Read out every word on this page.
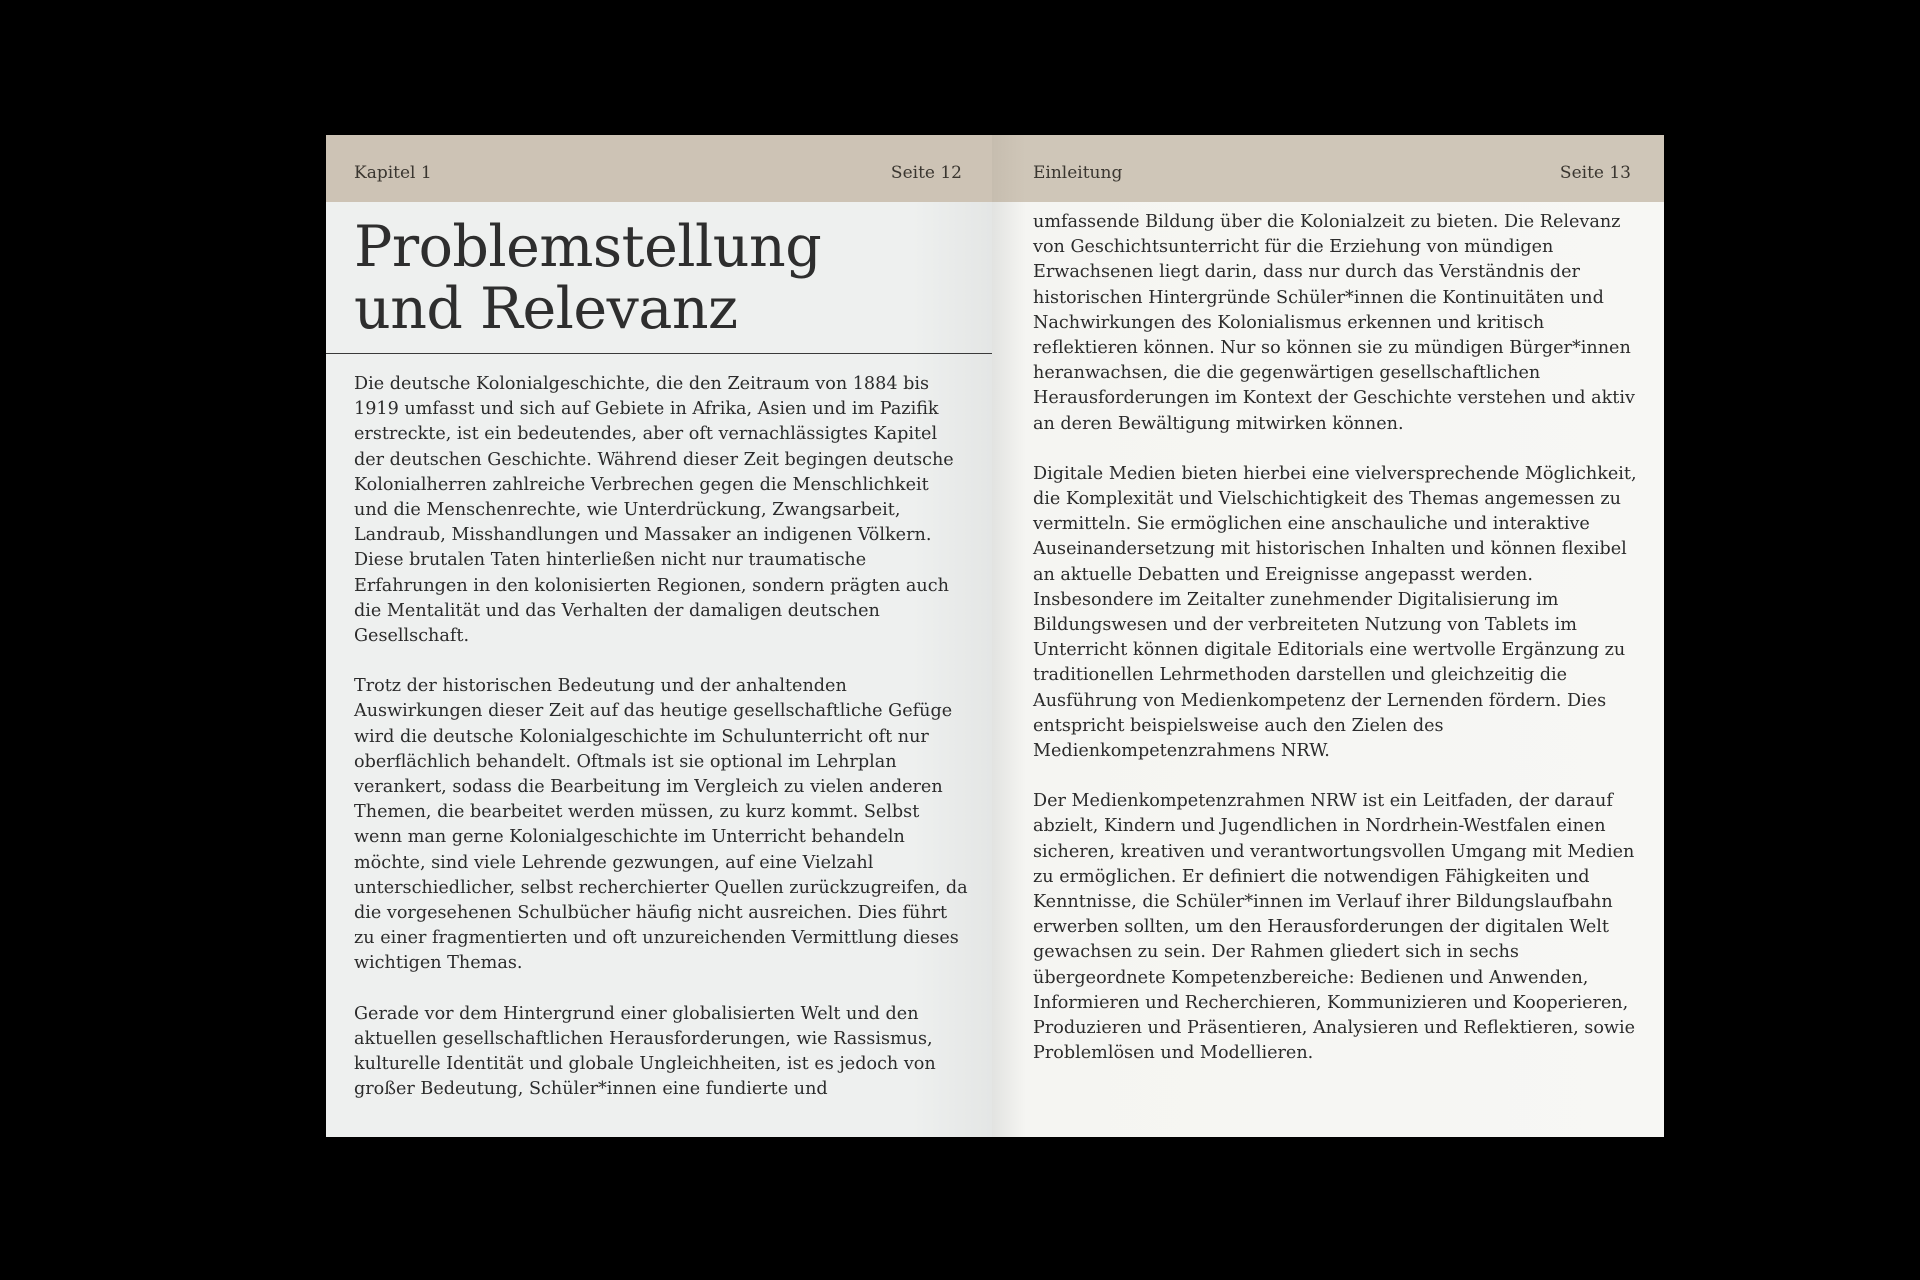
Kapitel 1	Seite 12
Problemstellung
und Relevanz

Die deutsche Kolonialgeschichte, die den Zeitraum von 1884 bis 1919 umfasst und sich auf Gebiete in Afrika, Asien und im Pazifik erstreckte, ist ein bedeutendes, aber oft vernachlässigtes Kapitel der deutschen Geschichte. Während dieser Zeit begingen deutsche Kolonialherren zahlreiche Verbrechen gegen die Menschlichkeit und die Menschenrechte, wie Unterdrückung, Zwangsarbeit, Landraub, Misshandlungen und Massaker an indigenen Völkern. Diese brutalen Taten hinterließen nicht nur traumatische Erfahrungen in den kolonisierten Regionen, sondern prägten auch die Mentalität und das Verhalten der damaligen deutschen Gesellschaft.

Trotz der historischen Bedeutung und der anhaltenden Auswirkungen dieser Zeit auf das heutige gesellschaftliche Gefüge wird die deutsche Kolonialgeschichte im Schulunterricht oft nur oberflächlich behandelt. Oftmals ist sie optional im Lehrplan verankert, sodass die Bearbeitung im Vergleich zu vielen anderen Themen, die bearbeitet werden müssen, zu kurz kommt. Selbst wenn man gerne Kolonialgeschichte im Unterricht behandeln möchte, sind viele Lehrende gezwungen, auf eine Vielzahl unterschiedlicher, selbst recherchierter Quellen zurückzugreifen, da die vorgesehenen Schulbücher häufig nicht ausreichen. Dies führt zu einer fragmentierten und oft unzureichenden Vermittlung dieses wichtigen Themas.

Gerade vor dem Hintergrund einer globalisierten Welt und den aktuellen gesellschaftlichen Herausforderungen, wie Rassismus, kulturelle Identität und globale Ungleichheiten, ist es jedoch von großer Bedeutung, Schüler*innen eine fundierte und

Einleitung	Seite 13

umfassende Bildung über die Kolonialzeit zu bieten. Die Relevanz von Geschichtsunterricht für die Erziehung von mündigen Erwachsenen liegt darin, dass nur durch das Verständnis der historischen Hintergründe Schüler*innen die Kontinuitäten und Nachwirkungen des Kolonialismus erkennen und kritisch reflektieren können. Nur so können sie zu mündigen Bürger*innen heranwachsen, die die gegenwärtigen gesellschaftlichen Herausforderungen im Kontext der Geschichte verstehen und aktiv an deren Bewältigung mitwirken können.

Digitale Medien bieten hierbei eine vielversprechende Möglichkeit, die Komplexität und Vielschichtigkeit des Themas angemessen zu vermitteln. Sie ermöglichen eine anschauliche und interaktive Auseinandersetzung mit historischen Inhalten und können flexibel an aktuelle Debatten und Ereignisse angepasst werden. Insbesondere im Zeitalter zunehmender Digitalisierung im Bildungswesen und der verbreiteten Nutzung von Tablets im Unterricht können digitale Editorials eine wertvolle Ergänzung zu traditionellen Lehrmethoden darstellen und gleichzeitig die Ausführung von Medienkompetenz der Lernenden fördern. Dies entspricht beispielsweise auch den Zielen des Medienkompetenzrahmens NRW.

Der Medienkompetenzrahmen NRW ist ein Leitfaden, der darauf abzielt, Kindern und Jugendlichen in Nordrhein-Westfalen einen sicheren, kreativen und verantwortungsvollen Umgang mit Medien zu ermöglichen. Er definiert die notwendigen Fähigkeiten und Kenntnisse, die Schüler*innen im Verlauf ihrer Bildungslaufbahn erwerben sollten, um den Herausforderungen der digitalen Welt gewachsen zu sein. Der Rahmen gliedert sich in sechs übergeordnete Kompetenzbereiche: Bedienen und Anwenden, Informieren und Recherchieren, Kommunizieren und Kooperieren, Produzieren und Präsentieren, Analysieren und Reflektieren, sowie Problemlösen und Modellieren.
